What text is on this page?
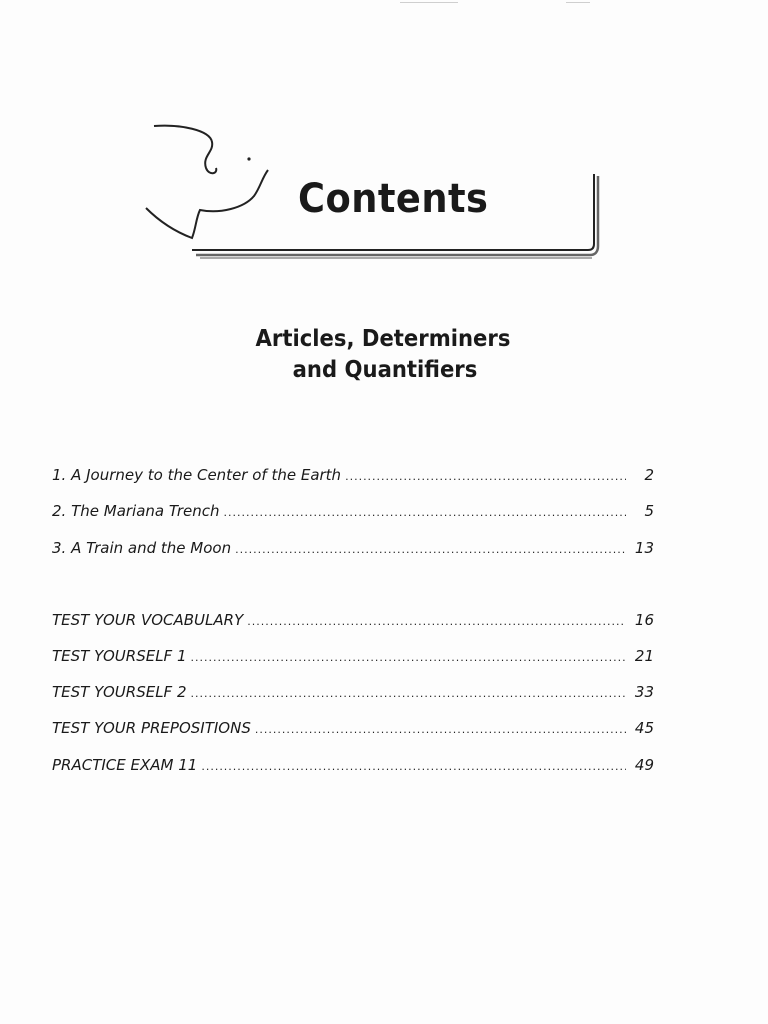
Contents
Articles, Determiners
and Quantifiers
1. A Journey to the Center of the Earth .....	2
2. The Mariana Trench .....	5
3. A Train and the Moon .....	13
TEST YOUR VOCABULARY .....	16
TEST YOURSELF 1 .....	21
TEST YOURSELF 2 .....	33
TEST YOUR PREPOSITIONS .....	45
PRACTICE EXAM 11 .....	49
